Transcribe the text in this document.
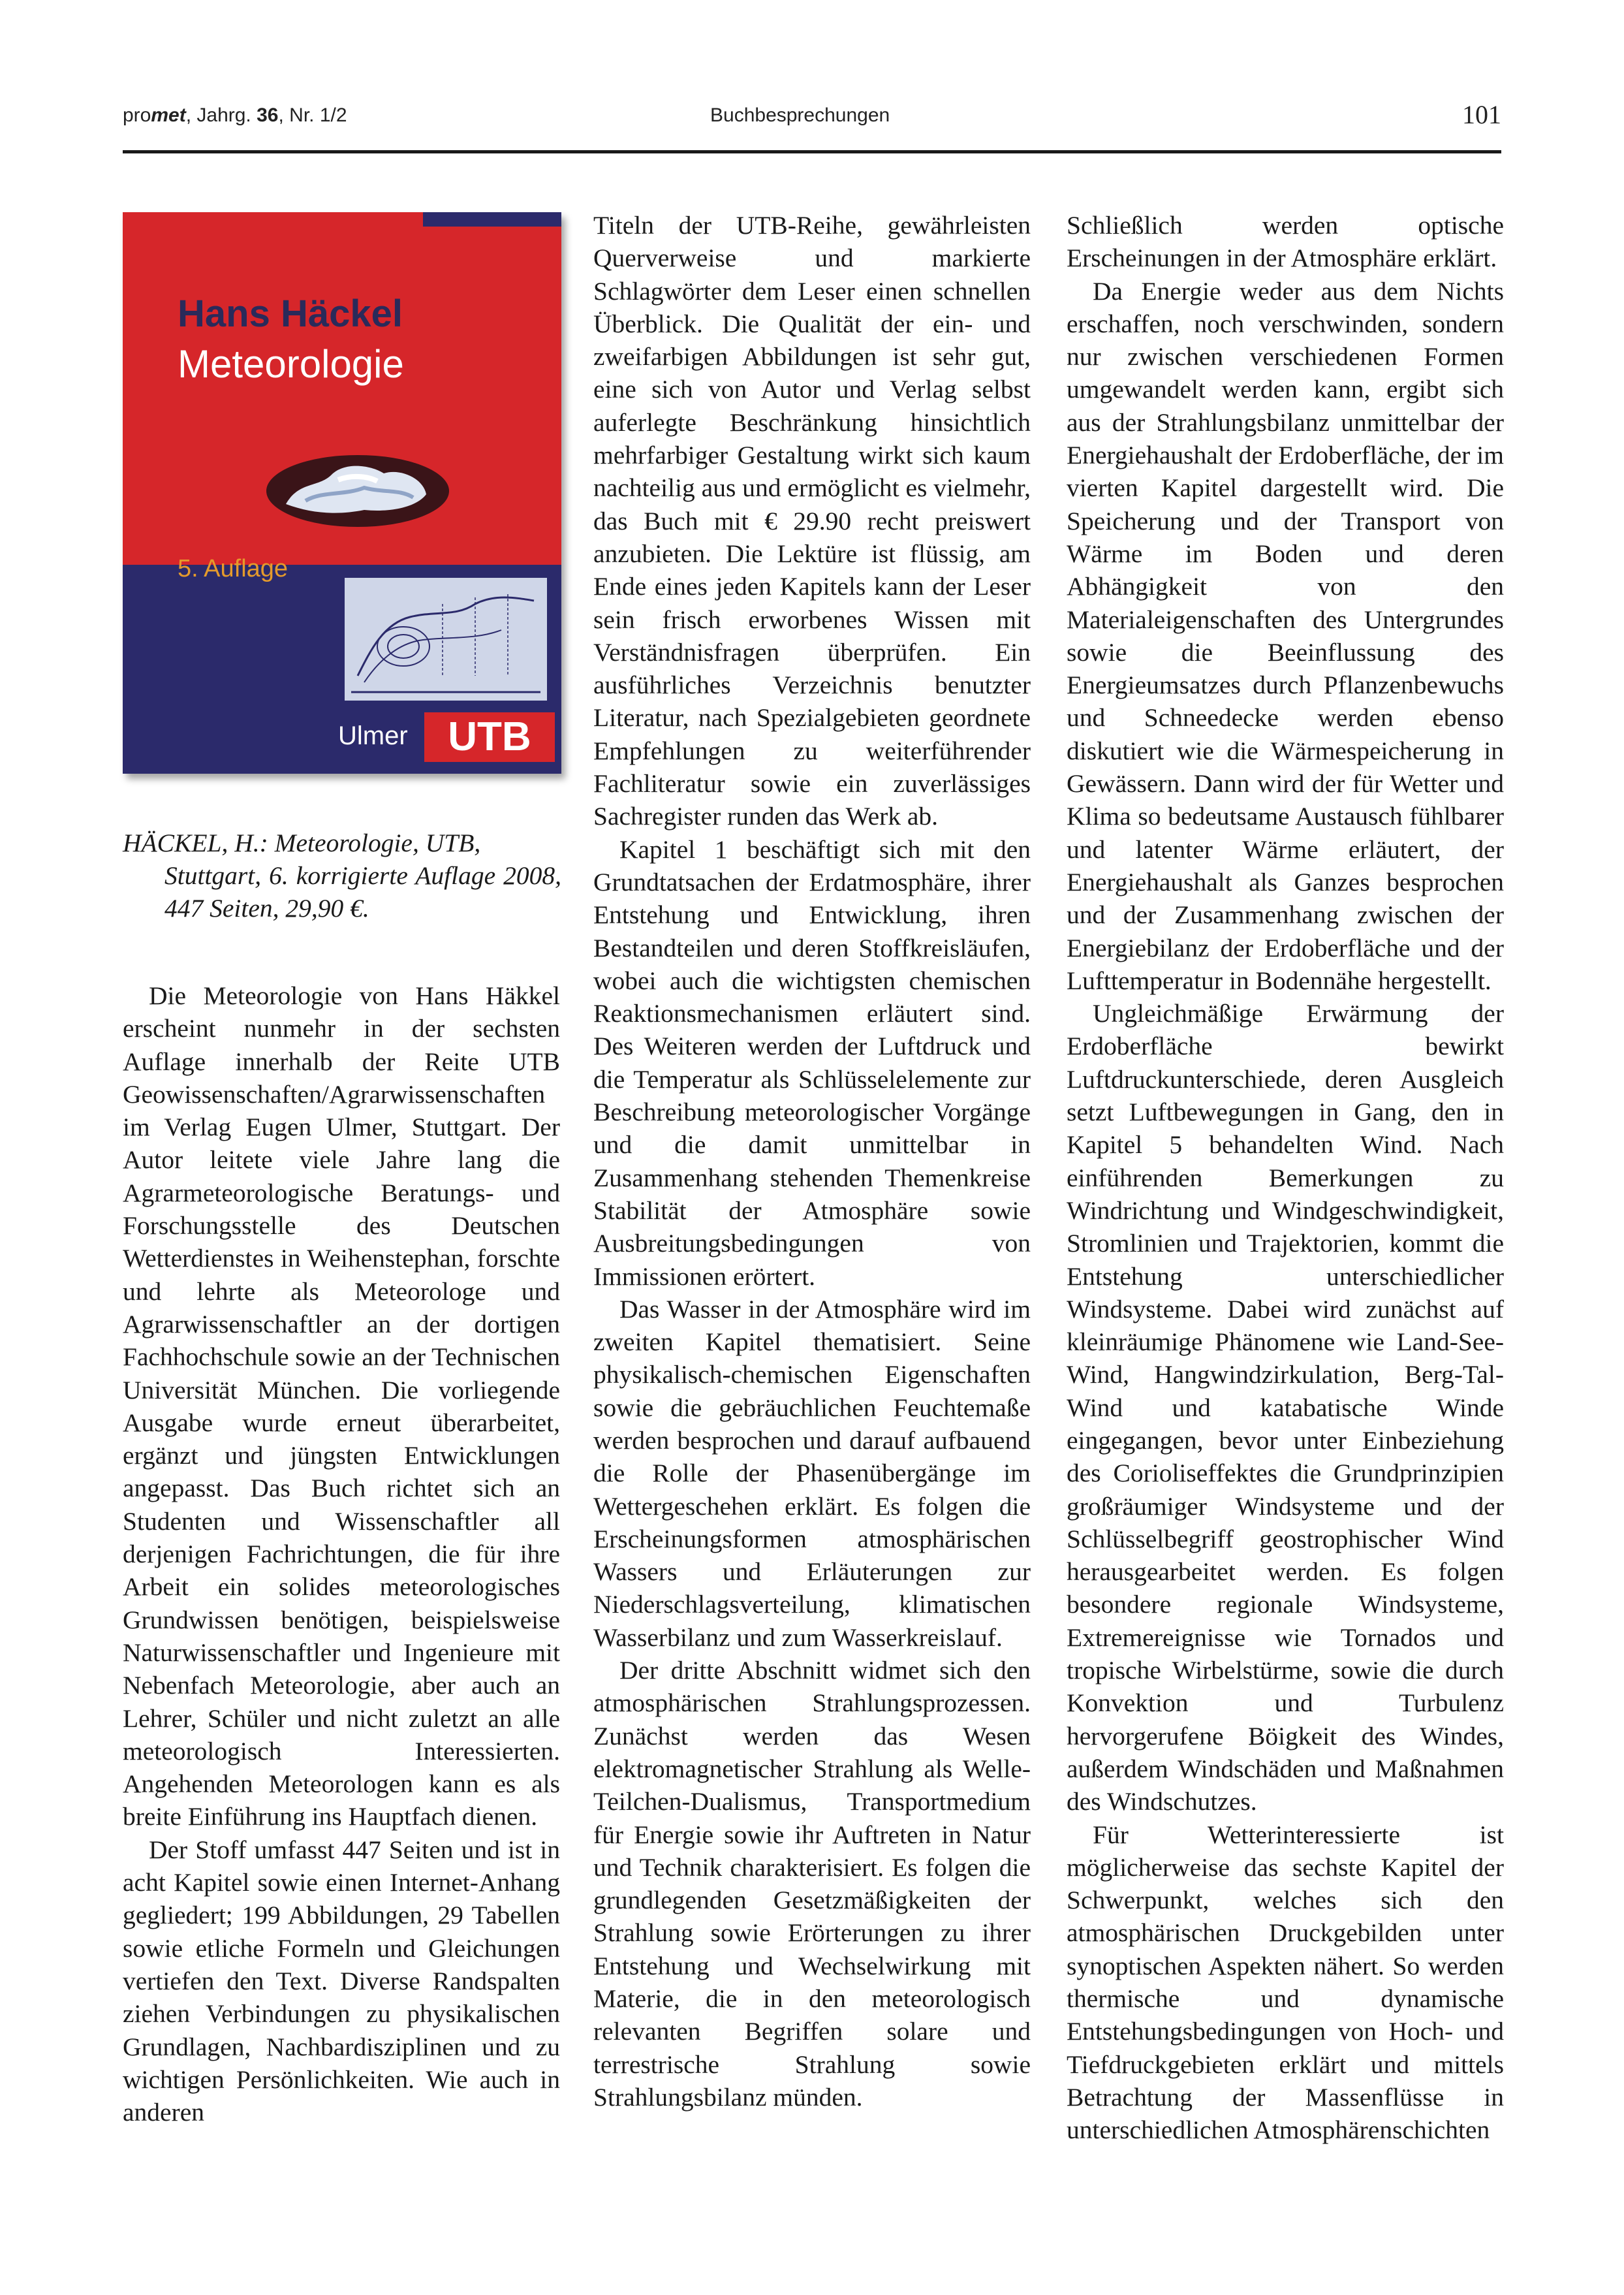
promet, Jahrg. 36, Nr. 1/2	Buchbesprechungen	101
Hans Häckel
Meteorologie
5. Auflage
Ulmer UTB
HÄCKEL, H.: Meteorologie, UTB,
Stuttgart, 6. korrigierte Auflage 2008, 447 Seiten, 29,90 €.

Die Meteorologie von Hans Häkkel erscheint nunmehr in der sechsten Auflage innerhalb der Reite UTB Geowissenschaften/Agrarwissenschaften im Verlag Eugen Ulmer, Stuttgart. Der Autor leitete viele Jahre lang die Agrarmeteorologische Beratungs- und Forschungsstelle des Deutschen Wetterdienstes in Weihenstephan, forschte und lehrte als Meteorologe und Agrarwissenschaftler an der dortigen Fachhochschule sowie an der Technischen Universität München. Die vorliegende Ausgabe wurde erneut überarbeitet, ergänzt und jüngsten Entwicklungen angepasst. Das Buch richtet sich an Studenten und Wissenschaftler all derjenigen Fachrichtungen, die für ihre Arbeit ein solides meteorologisches Grundwissen benötigen, beispielsweise Naturwissenschaftler und Ingenieure mit Nebenfach Meteorologie, aber auch an Lehrer, Schüler und nicht zuletzt an alle meteorologisch Interessierten. Angehenden Meteorologen kann es als breite Einführung ins Hauptfach dienen.

Der Stoff umfasst 447 Seiten und ist in acht Kapitel sowie einen Internet-Anhang gegliedert; 199 Abbildungen, 29 Tabellen sowie etliche Formeln und Gleichungen vertiefen den Text. Diverse Randspalten ziehen Verbindungen zu physikalischen Grundlagen, Nachbardisziplinen und zu wichtigen Persönlichkeiten. Wie auch in anderen

Titeln der UTB-Reihe, gewährleisten Querverweise und markierte Schlagwörter dem Leser einen schnellen Überblick. Die Qualität der ein- und zweifarbigen Abbildungen ist sehr gut, eine sich von Autor und Verlag selbst auferlegte Beschränkung hinsichtlich mehrfarbiger Gestaltung wirkt sich kaum nachteilig aus und ermöglicht es vielmehr, das Buch mit € 29.90 recht preiswert anzubieten. Die Lektüre ist flüssig, am Ende eines jeden Kapitels kann der Leser sein frisch erworbenes Wissen mit Verständnisfragen überprüfen. Ein ausführliches Verzeichnis benutzter Literatur, nach Spezialgebieten geordnete Empfehlungen zu weiterführender Fachliteratur sowie ein zuverlässiges Sachregister runden das Werk ab.

Kapitel 1 beschäftigt sich mit den Grundtatsachen der Erdatmosphäre, ihrer Entstehung und Entwicklung, ihren Bestandteilen und deren Stoffkreisläufen, wobei auch die wichtigsten chemischen Reaktionsmechanismen erläutert sind. Des Weiteren werden der Luftdruck und die Temperatur als Schlüsselelemente zur Beschreibung meteorologischer Vorgänge und die damit unmittelbar in Zusammenhang stehenden Themenkreise Stabilität der Atmosphäre sowie Ausbreitungsbedingungen von Immissionen erörtert.

Das Wasser in der Atmosphäre wird im zweiten Kapitel thematisiert. Seine physikalisch-chemischen Eigenschaften sowie die gebräuchlichen Feuchtemaße werden besprochen und darauf aufbauend die Rolle der Phasenübergänge im Wettergeschehen erklärt. Es folgen die Erscheinungsformen atmosphärischen Wassers und Erläuterungen zur Niederschlagsverteilung, klimatischen Wasserbilanz und zum Wasserkreislauf.

Der dritte Abschnitt widmet sich den atmosphärischen Strahlungsprozessen. Zunächst werden das Wesen elektromagnetischer Strahlung als Welle-Teilchen-Dualismus, Transportmedium für Energie sowie ihr Auftreten in Natur und Technik charakterisiert. Es folgen die grundlegenden Gesetzmäßigkeiten der Strahlung sowie Erörterungen zu ihrer Entstehung und Wechselwirkung mit Materie, die in den meteorologisch relevanten Begriffen solare und terrestrische Strahlung sowie Strahlungsbilanz münden.

Schließlich werden optische Erscheinungen in der Atmosphäre erklärt.

Da Energie weder aus dem Nichts erschaffen, noch verschwinden, sondern nur zwischen verschiedenen Formen umgewandelt werden kann, ergibt sich aus der Strahlungsbilanz unmittelbar der Energiehaushalt der Erdoberfläche, der im vierten Kapitel dargestellt wird. Die Speicherung und der Transport von Wärme im Boden und deren Abhängigkeit von den Materialeigenschaften des Untergrundes sowie die Beeinflussung des Energieumsatzes durch Pflanzenbewuchs und Schneedecke werden ebenso diskutiert wie die Wärmespeicherung in Gewässern. Dann wird der für Wetter und Klima so bedeutsame Austausch fühlbarer und latenter Wärme erläutert, der Energiehaushalt als Ganzes besprochen und der Zusammenhang zwischen der Energiebilanz der Erdoberfläche und der Lufttemperatur in Bodennähe hergestellt.

Ungleichmäßige Erwärmung der Erdoberfläche bewirkt Luftdruckunterschiede, deren Ausgleich setzt Luftbewegungen in Gang, den in Kapitel 5 behandelten Wind. Nach einführenden Bemerkungen zu Windrichtung und Windgeschwindigkeit, Stromlinien und Trajektorien, kommt die Entstehung unterschiedlicher Windsysteme. Dabei wird zunächst auf kleinräumige Phänomene wie Land-See-Wind, Hangwindzirkulation, Berg-Tal-Wind und katabatische Winde eingegangen, bevor unter Einbeziehung des Corioliseffektes die Grundprinzipien großräumiger Windsysteme und der Schlüsselbegriff geostrophischer Wind herausgearbeitet werden. Es folgen besondere regionale Windsysteme, Extremereignisse wie Tornados und tropische Wirbelstürme, sowie die durch Konvektion und Turbulenz hervorgerufene Böigkeit des Windes, außerdem Windschäden und Maßnahmen des Windschutzes.

Für Wetterinteressierte ist möglicherweise das sechste Kapitel der Schwerpunkt, welches sich den atmosphärischen Druckgebilden unter synoptischen Aspekten nähert. So werden thermische und dynamische Entstehungsbedingungen von Hoch- und Tiefdruckgebieten erklärt und mittels Betrachtung der Massenflüsse in unterschiedlichen Atmosphärenschichten
